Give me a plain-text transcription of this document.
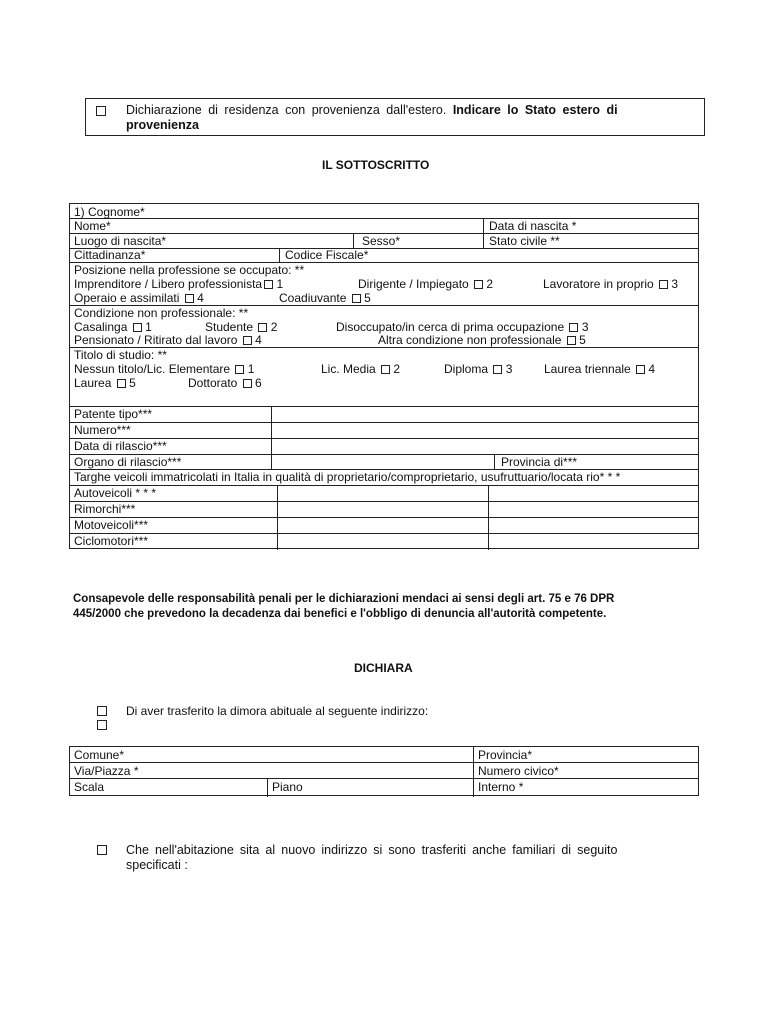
Dichiarazione di residenza con provenienza dall'estero. Indicare lo Stato estero di
provenienza
IL SOTTOSCRITTO
1) Cognome*
Nome*	Data di nascita *
Luogo di nascita*	Sesso*	Stato civile **
Cittadinanza*	Codice Fiscale*
Posizione nella professione se occupato: **
Imprenditore / Libero professionista 1	Dirigente / Impiegato 2	Lavoratore in proprio 3
Operaio e assimilati 4	Coadiuvante 5
Condizione non professionale: **
Casalinga 1	Studente 2	Disoccupato/in cerca di prima occupazione 3
Pensionato / Ritirato dal lavoro 4	Altra condizione non professionale 5
Titolo di studio: **
Nessun titolo/Lic. Elementare 1	Lic. Media 2	Diploma 3	Laurea triennale 4
Laurea 5	Dottorato 6
Patente tipo***
Numero***
Data di rilascio***
Organo di rilascio***	Provincia di***
Targhe veicoli immatricolati in Italia in qualità di proprietario/comproprietario, usufruttuario/locata rio* * *
Autoveicoli * * *
Rimorchi***
Motoveicoli***
Ciclomotori***
Consapevole delle responsabilità penali per le dichiarazioni mendaci ai sensi degli art. 75 e 76 DPR
445/2000 che prevedono la decadenza dai benefici e l'obbligo di denuncia all'autorità competente.
DICHIARA
Di aver trasferito la dimora abituale al seguente indirizzo:
Comune*	Provincia*
Via/Piazza *	Numero civico*
Scala	Piano	Interno *
Che nell'abitazione sita al nuovo indirizzo si sono trasferiti anche familiari di seguito
specificati :
